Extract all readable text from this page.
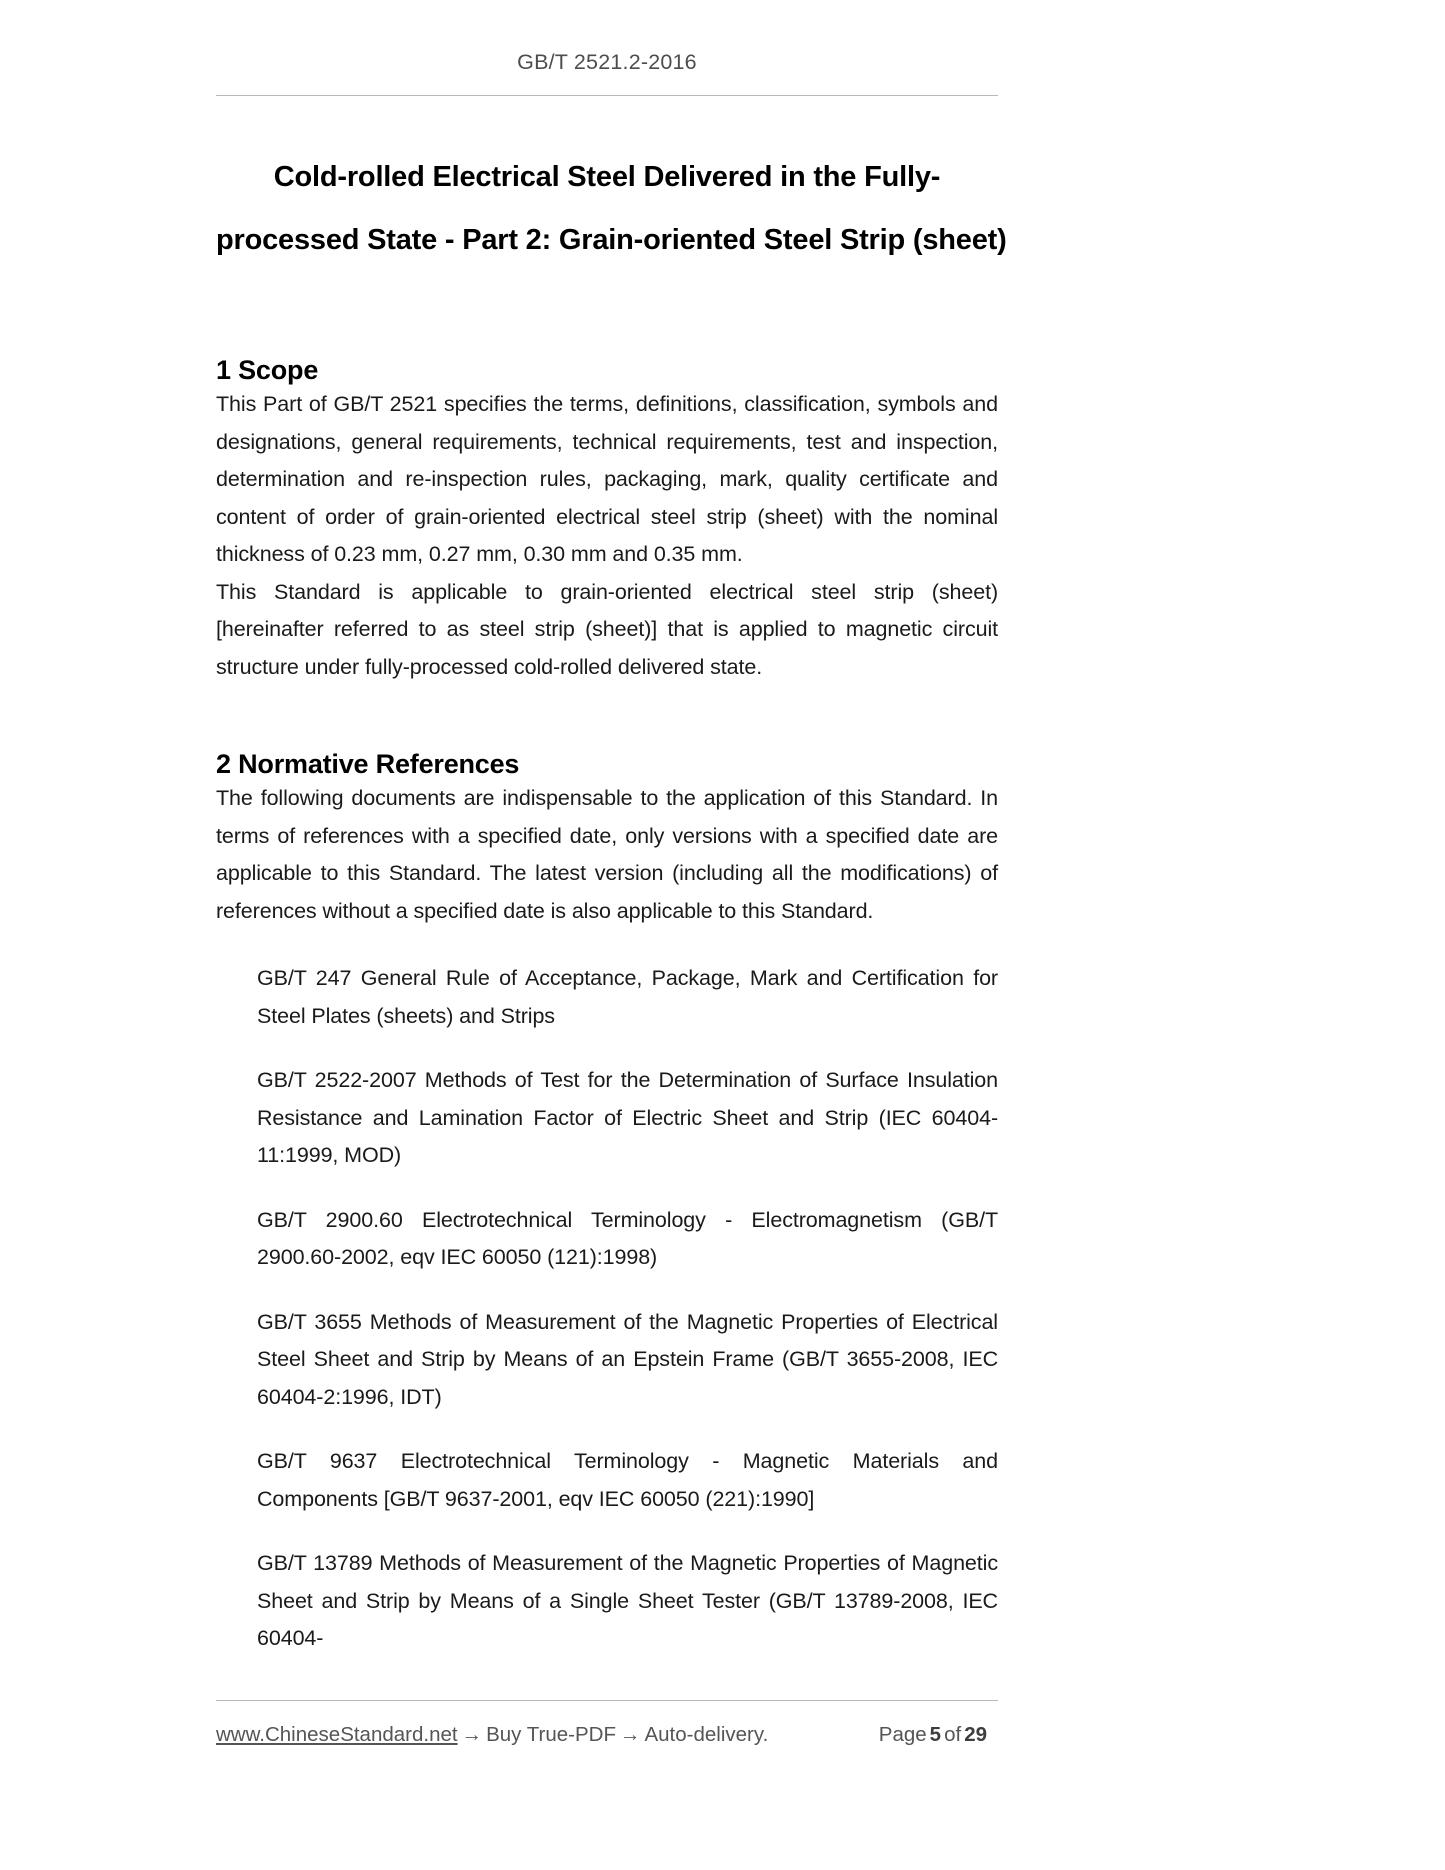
GB/T 2521.2-2016
Cold-rolled Electrical Steel Delivered in the Fully-
processed State - Part 2: Grain-oriented Steel Strip (sheet)
1 Scope

This Part of GB/T 2521 specifies the terms, definitions, classification, symbols and designations, general requirements, technical requirements, test and inspection, determination and re-inspection rules, packaging, mark, quality certificate and content of order of grain-oriented electrical steel strip (sheet) with the nominal thickness of 0.23 mm, 0.27 mm, 0.30 mm and 0.35 mm.

This Standard is applicable to grain-oriented electrical steel strip (sheet) [hereinafter referred to as steel strip (sheet)] that is applied to magnetic circuit structure under fully-processed cold-rolled delivered state.

2 Normative References

The following documents are indispensable to the application of this Standard. In terms of references with a specified date, only versions with a specified date are applicable to this Standard. The latest version (including all the modifications) of references without a specified date is also applicable to this Standard.

GB/T 247 General Rule of Acceptance, Package, Mark and Certification for Steel Plates (sheets) and Strips

GB/T 2522-2007 Methods of Test for the Determination of Surface Insulation Resistance and Lamination Factor of Electric Sheet and Strip (IEC 60404-11:1999, MOD)

GB/T 2900.60 Electrotechnical Terminology - Electromagnetism (GB/T 2900.60-2002, eqv IEC 60050 (121):1998)

GB/T 3655 Methods of Measurement of the Magnetic Properties of Electrical Steel Sheet and Strip by Means of an Epstein Frame (GB/T 3655-2008, IEC 60404-2:1996, IDT)

GB/T 9637 Electrotechnical Terminology - Magnetic Materials and Components [GB/T 9637-2001, eqv IEC 60050 (221):1990]

GB/T 13789 Methods of Measurement of the Magnetic Properties of Magnetic Sheet and Strip by Means of a Single Sheet Tester (GB/T 13789-2008, IEC 60404-

www.ChineseStandard.net → Buy True-PDF → Auto-delivery.	Page 5 of 29
